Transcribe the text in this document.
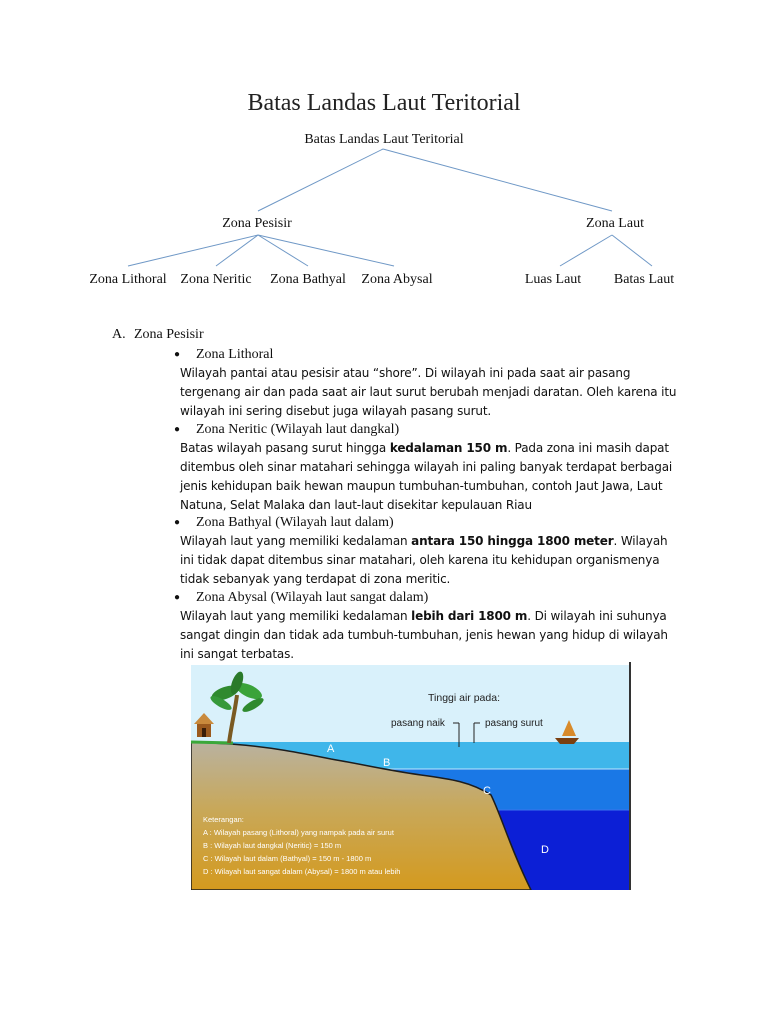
Batas Landas Laut Teritorial
Batas Landas Laut Teritorial
Zona Pesisir	Zona Laut
Zona Lithoral Zona Neritic Zona Bathyal Zona Abysal	Luas Laut Batas Laut
A. Zona Pesisir
● Zona Lithoral
Wilayah pantai atau pesisir atau “shore”. Di wilayah ini pada saat air pasang tergenang air dan pada saat air laut surut berubah menjadi daratan. Oleh karena itu wilayah ini sering disebut juga wilayah pasang surut.
● Zona Neritic (Wilayah laut dangkal)
Batas wilayah pasang surut hingga kedalaman 150 m. Pada zona ini masih dapat ditembus oleh sinar matahari sehingga wilayah ini paling banyak terdapat berbagai jenis kehidupan baik hewan maupun tumbuhan-tumbuhan, contoh Jaut Jawa, Laut Natuna, Selat Malaka dan laut-laut disekitar kepulauan Riau
● Zona Bathyal (Wilayah laut dalam)
Wilayah laut yang memiliki kedalaman antara 150 hingga 1800 meter. Wilayah ini tidak dapat ditembus sinar matahari, oleh karena itu kehidupan organismenya tidak sebanyak yang terdapat di zona meritic.
● Zona Abysal (Wilayah laut sangat dalam)
Wilayah laut yang memiliki kedalaman lebih dari 1800 m. Di wilayah ini suhunya sangat dingin dan tidak ada tumbuh-tumbuhan, jenis hewan yang hidup di wilayah ini sangat terbatas.
Tinggi air pada:
pasang naik	pasang surut
A
B
C
D
Keterangan:
A : Wilayah pasang (Lithoral) yang nampak pada air surut
B : Wilayah laut dangkal (Neritic) = 150 m
C : Wilayah laut dalam (Bathyal) = 150 m - 1800 m
D : Wilayah laut sangat dalam (Abysal) = 1800 m atau lebih
